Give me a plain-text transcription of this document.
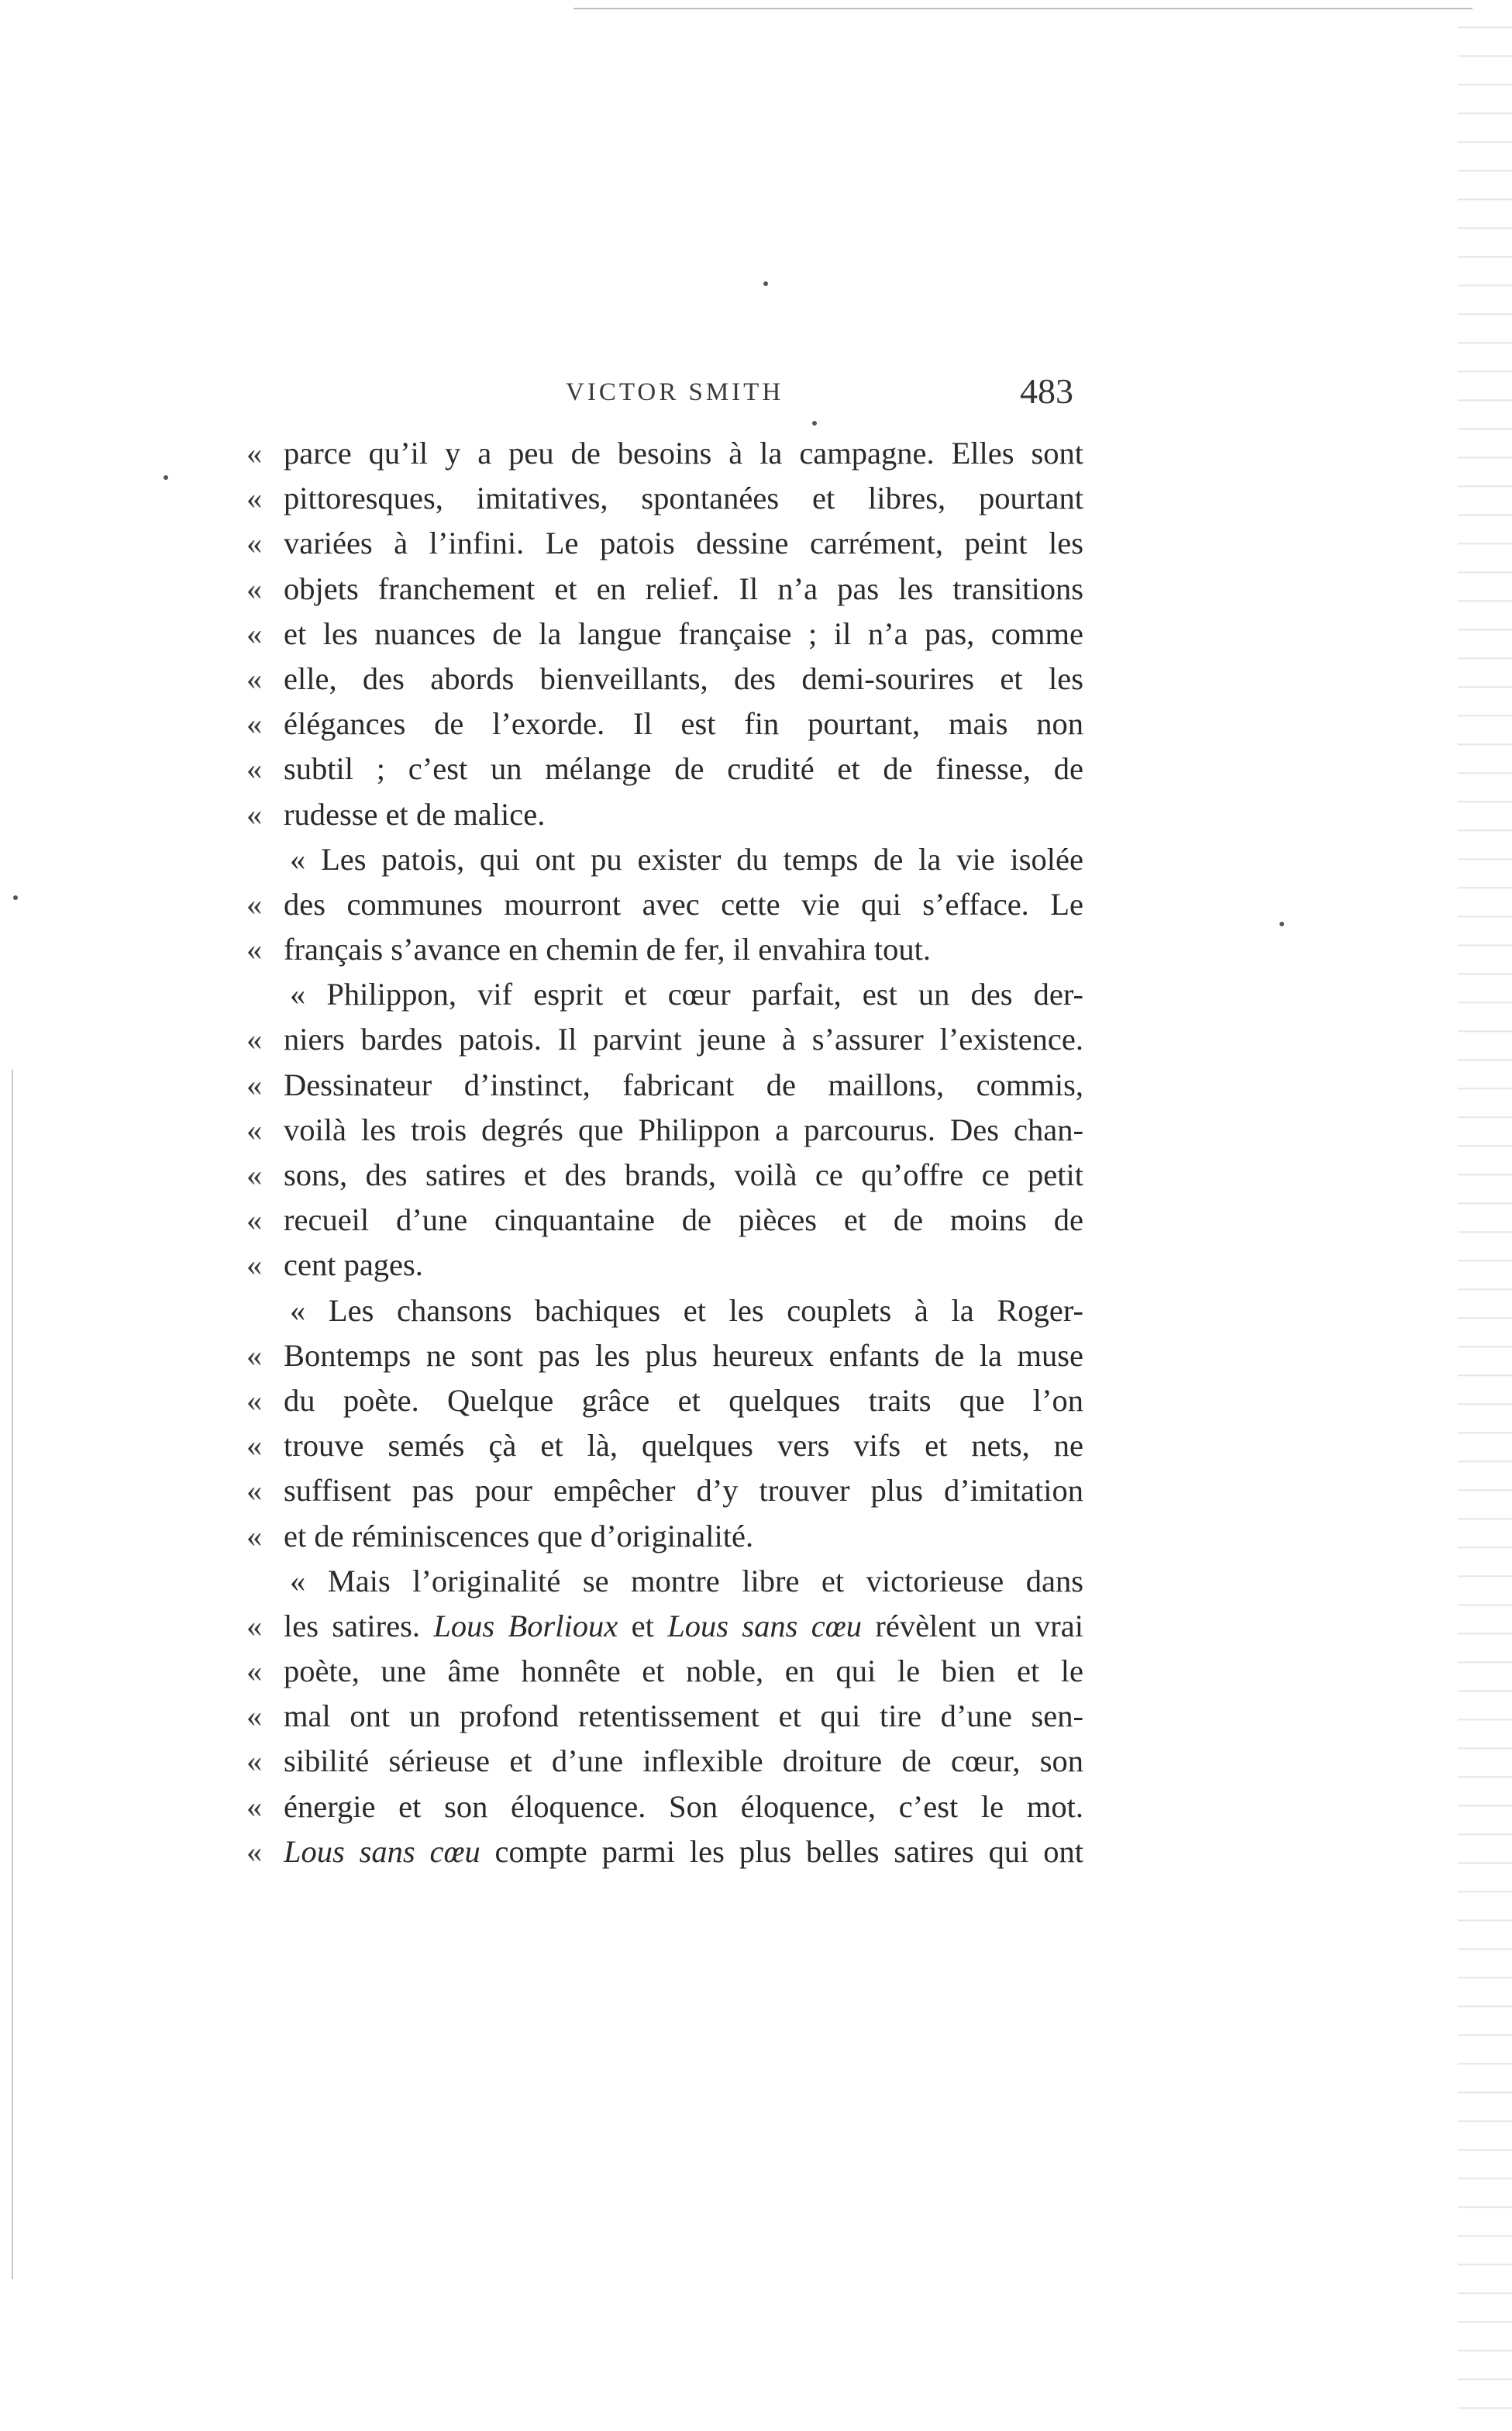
VICTOR SMITH	483
« parce qu’il y a peu de besoins à la campagne. Elles sont
« pittoresques, imitatives, spontanées et libres, pourtant
« variées à l’infini. Le patois dessine carrément, peint les
« objets franchement et en relief. Il n’a pas les transitions
« et les nuances de la langue française ; il n’a pas, comme
« elle, des abords bienveillants, des demi-sourires et les
« élégances de l’exorde. Il est fin pourtant, mais non
« subtil ; c’est un mélange de crudité et de finesse, de
« rudesse et de malice.
« Les patois, qui ont pu exister du temps de la vie isolée
« des communes mourront avec cette vie qui s’efface. Le
« français s’avance en chemin de fer, il envahira tout.
« Philippon, vif esprit et cœur parfait, est un des der-
« niers bardes patois. Il parvint jeune à s’assurer l’existence.
« Dessinateur d’instinct, fabricant de maillons, commis,
« voilà les trois degrés que Philippon a parcourus. Des chan-
« sons, des satires et des brands, voilà ce qu’offre ce petit
« recueil d’une cinquantaine de pièces et de moins de
« cent pages.
« Les chansons bachiques et les couplets à la Roger-
« Bontemps ne sont pas les plus heureux enfants de la muse
« du poète. Quelque grâce et quelques traits que l’on
« trouve semés çà et là, quelques vers vifs et nets, ne
« suffisent pas pour empêcher d’y trouver plus d’imitation
« et de réminiscences que d’originalité.
« Mais l’originalité se montre libre et victorieuse dans
« les satires. Lous Borlioux et Lous sans cœu révèlent un vrai
« poète, une âme honnête et noble, en qui le bien et le
« mal ont un profond retentissement et qui tire d’une sen-
« sibilité sérieuse et d’une inflexible droiture de cœur, son
« énergie et son éloquence. Son éloquence, c’est le mot.
« Lous sans cœu compte parmi les plus belles satires qui ont
